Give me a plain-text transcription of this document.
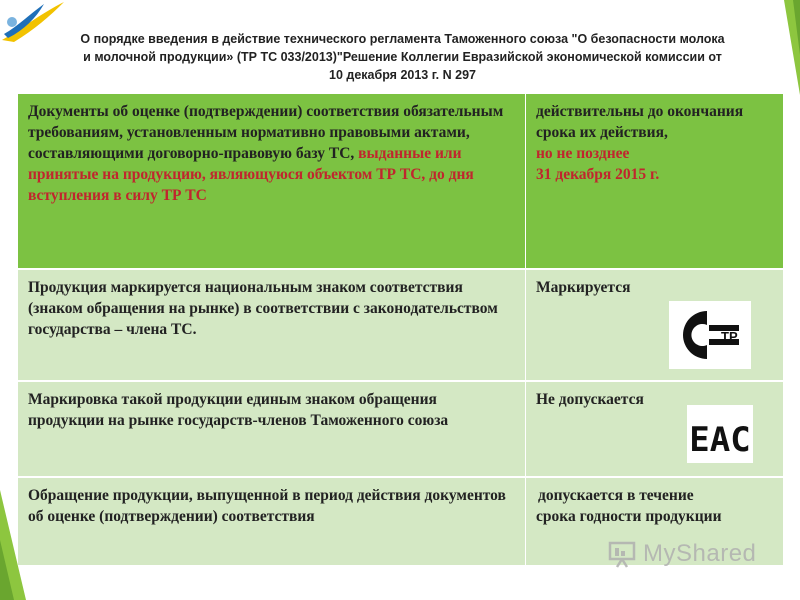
О порядке введения в действие технического регламента Таможенного союза "О безопасности молока
и молочной продукции» (ТР ТС 033/2013)"Решение Коллегии Евразийской экономической комиссии от
10 декабря 2013 г. N 297
Документы об оценке (подтверждении) соответствия обязательным требованиям, установленным нормативно правовыми актами, составляющими договорно-правовую базу ТС, выданные или принятые на продукцию, являющуюся объектом ТР ТС, до дня вступления в силу ТР ТС
действительны до окончания срока их действия,
но не позднее
31 декабря 2015 г.
Продукция маркируется национальным знаком соответствия (знаком обращения на рынке) в соответствии с законодательством государства – члена ТС.
Маркируется
ТР
Маркировка такой продукции единым знаком обращения продукции на рынке государств-членов Таможенного союза
Не допускается
ЕАС
Обращение продукции, выпущенной в период действия документов об оценке (подтверждении) соответствия
допускается в течение
срока годности продукции
MyShared
